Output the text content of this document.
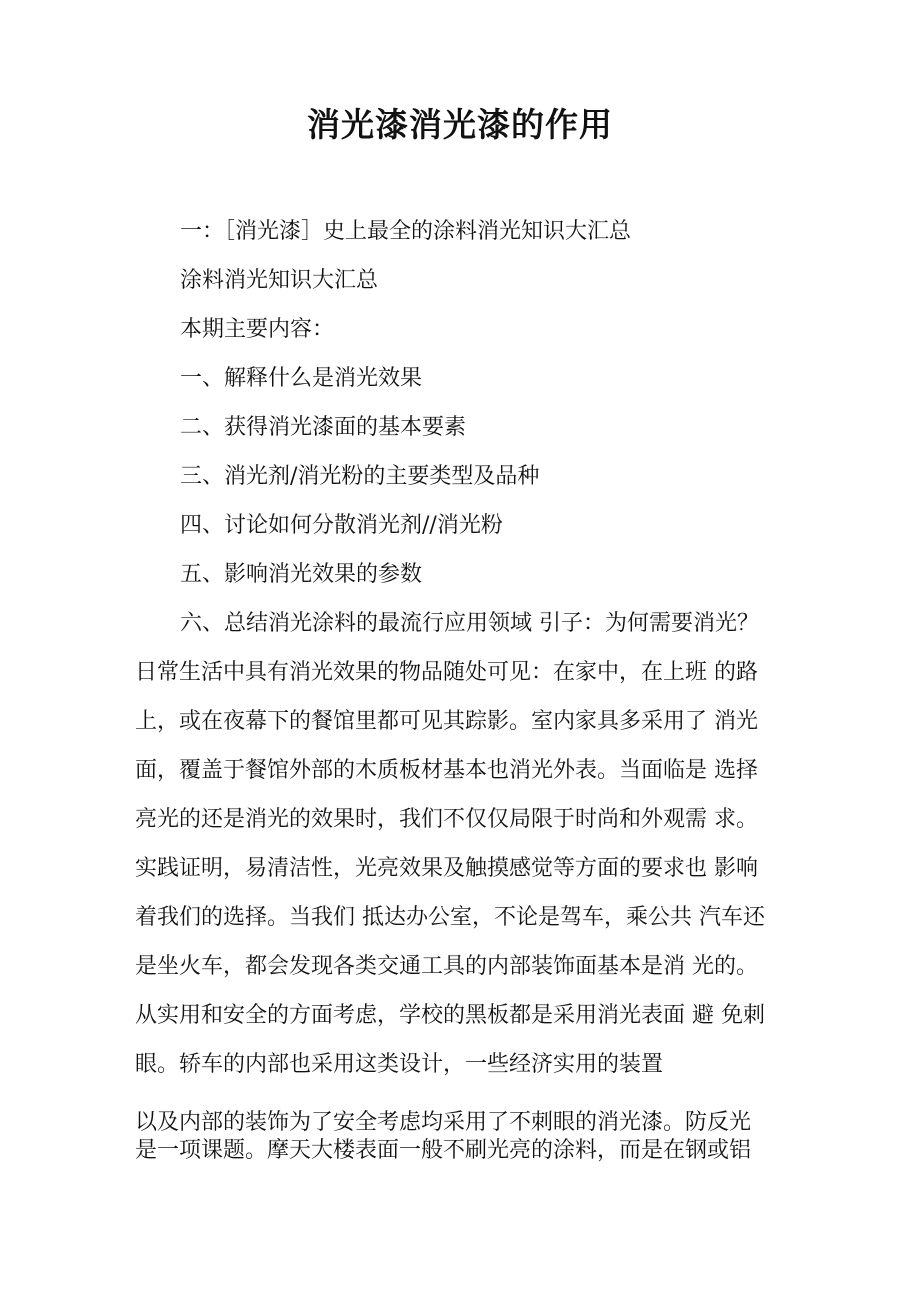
消光漆消光漆的作用

一：［消光漆］史上最全的涂料消光知识大汇总

涂料消光知识大汇总

本期主要内容：

一、解释什么是消光效果

二、获得消光漆面的基本要素

三、消光剂/消光粉的主要类型及品种

四、讨论如何分散消光剂//消光粉

五、影响消光效果的参数

六、总结消光涂料的最流行应用领域 引子：为何需要消光？

日常生活中具有消光效果的物品随处可见：在家中，在上班 的路

上，或在夜幕下的餐馆里都可见其踪影。室内家具多采用了 消光

面，覆盖于餐馆外部的木质板材基本也消光外表。当面临是 选择

亮光的还是消光的效果时，我们不仅仅局限于时尚和外观需 求。

实践证明，易清洁性，光亮效果及触摸感觉等方面的要求也 影响

着我们的选择。当我们 抵达办公室，不论是驾车，乘公共 汽车还

是坐火车，都会发现各类交通工具的内部装饰面基本是消 光的。

从实用和安全的方面考虑，学校的黑板都是采用消光表面 避 免刺

眼。轿车的内部也采用这类设计，一些经济实用的装置

以及内部的装饰为了安全考虑均采用了不刺眼的消光漆。防反光

是一项课题。摩天大楼表面一般不刷光亮的涂料，而是在钢或铝
